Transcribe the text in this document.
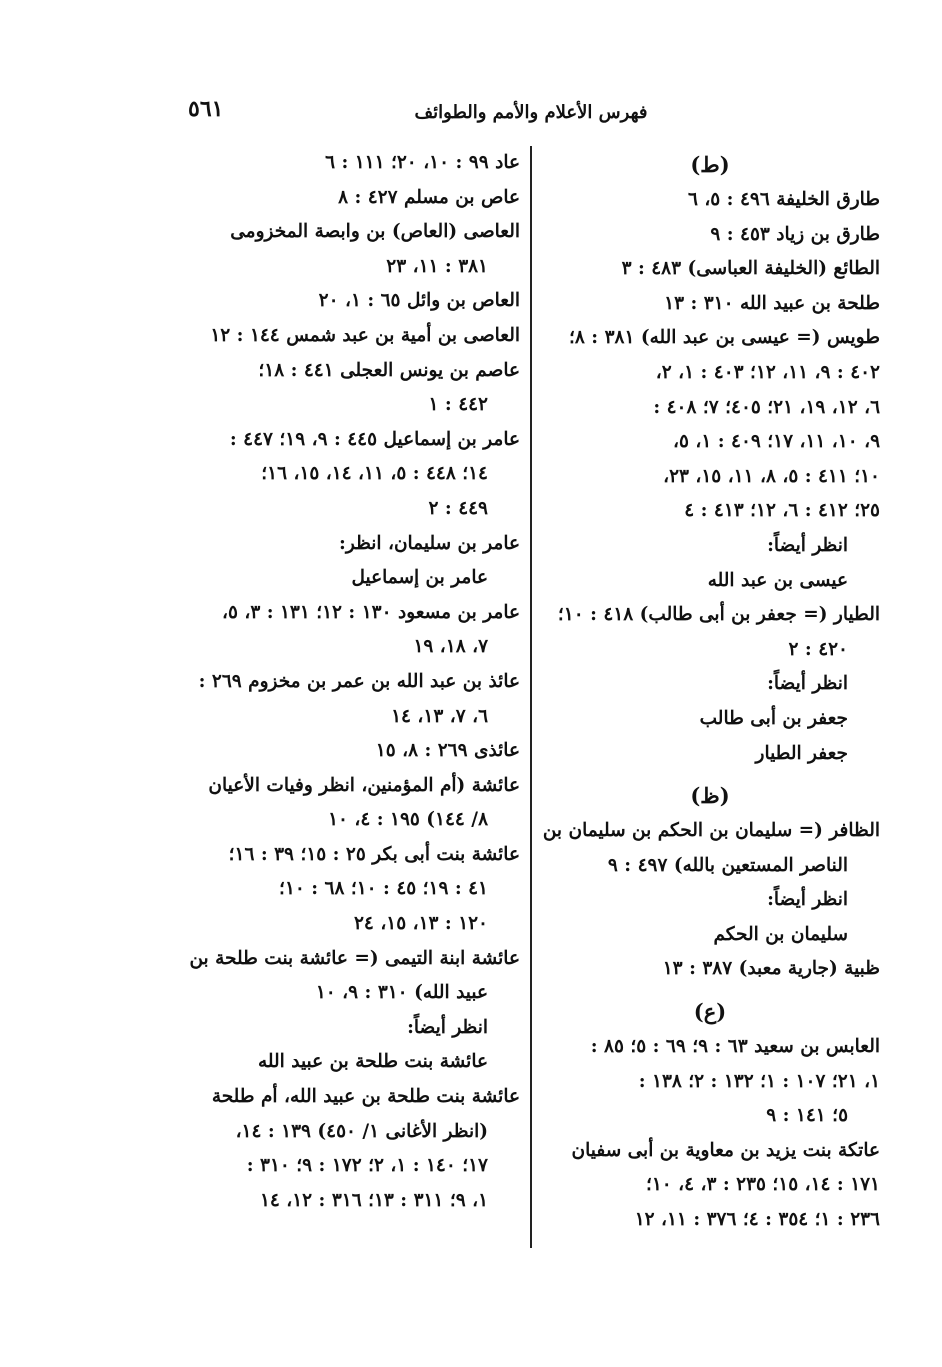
٥٦١	فهرس الأعلام والأمم والطوائف
(ط)
طارق الخليفة ٤٩٦ : ٥، ٦
طارق بن زياد ٤٥٣ : ٩
الطائع (الخليفة العباسى) ٤٨٣ : ٣
طلحة بن عبيد الله ٣١٠ : ١٣
طويس (= عيسى بن عبد الله) ٣٨١ : ٨؛
٤٠٢ : ٩، ١١، ١٢؛ ٤٠٣ : ١، ٢،
٦، ١٢، ١٩، ٢١؛ ٤٠٥؛ ٧؛ ٤٠٨ :
٩، ١٠، ١١، ١٧؛ ٤٠٩ : ١، ٥،
١٠؛ ٤١١ : ٥، ٨، ١١، ١٥، ٢٣،
٢٥؛ ٤١٢ : ٦، ١٢؛ ٤١٣ : ٤
انظر أيضاً:
عيسى بن عبد الله
الطيار (= جعفر بن أبى طالب) ٤١٨ : ١٠؛
٤٢٠ : ٢
انظر أيضاً:
جعفر بن أبى طالب
جعفر الطيار
(ظ)
الظافر (= سليمان بن الحكم بن سليمان بن
الناصر المستعين بالله) ٤٩٧ : ٩
انظر أيضاً:
سليمان بن الحكم
ظبية (جارية معبد) ٣٨٧ : ١٣
(ع)
العابس بن سعيد ٦٣ : ٩؛ ٦٩ : ٥؛ ٨٥ :
١، ٢١؛ ١٠٧ : ١؛ ١٣٢ : ٢؛ ١٣٨ :
٥؛ ١٤١ : ٩
عاتكة بنت يزيد بن معاوية بن أبى سفيان
١٧١ : ١٤، ١٥؛ ٢٣٥ : ٣، ٤، ١٠؛
٢٣٦ : ١؛ ٣٥٤ : ٤؛ ٣٧٦ : ١١، ١٢
عاد ٩٩ : ١٠، ٢٠؛ ١١١ : ٦
عاص بن مسلم ٤٢٧ : ٨
العاصى (العاص) بن وابصة المخزومى
٣٨١ : ١١، ٢٣
العاص بن وائل ٦٥ : ١، ٢٠
العاصى بن أمية بن عبد شمس ١٤٤ : ١٢
عاصم بن يونس العجلى ٤٤١ : ١٨؛
٤٤٢ : ١
عامر بن إسماعيل ٤٤٥ : ٩، ١٩؛ ٤٤٧ :
١٤؛ ٤٤٨ : ٥، ١١، ١٤، ١٥، ١٦؛
٤٤٩ : ٢
عامر بن سليمان، انظر:
عامر بن إسماعيل
عامر بن مسعود ١٣٠ : ١٢؛ ١٣١ : ٣، ٥،
٧، ١٨، ١٩
عائذ بن عبد الله بن عمر بن مخزوم ٢٦٩ :
٦، ٧، ١٣، ١٤
عائذى ٢٦٩ : ٨، ١٥
عائشة (أم المؤمنين، انظر وفيات الأعيان
٨/ ١٤٤) ١٩٥ : ٤، ١٠
عائشة بنت أبى بكر ٢٥ : ١٥؛ ٣٩ : ١٦؛
٤١ : ١٩؛ ٤٥ : ١٠؛ ٦٨ : ١٠؛
١٢٠ : ١٣، ١٥، ٢٤
عائشة ابنة التيمى (= عائشة بنت طلحة بن
عبيد الله) ٣١٠ : ٩، ١٠
انظر أيضاً:
عائشة بنت طلحة بن عبيد الله
عائشة بنت طلحة بن عبيد الله، أم طلحة
(انظر الأغانى ١/ ٤٥٠) ١٣٩ : ١٤،
١٧؛ ١٤٠ : ١، ٢؛ ١٧٢ : ٩؛ ٣١٠ :
١، ٩؛ ٣١١ : ١٣؛ ٣١٦ : ١٢، ١٤
